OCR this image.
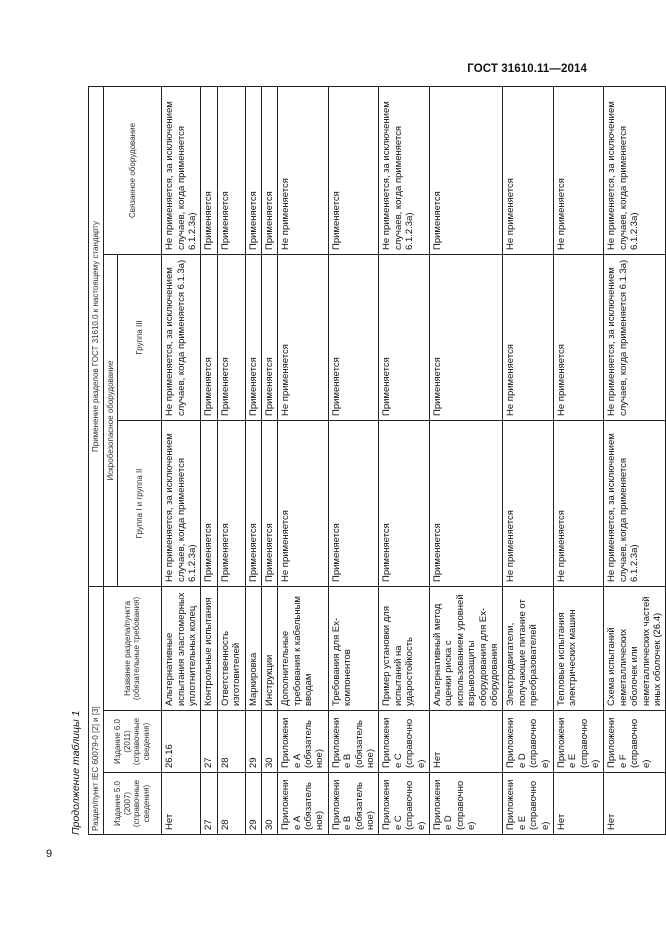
ГОСТ 31610.11—2014
9
Продолжение таблицы 1 Раздел/пункт IEC 60079-0 [2] и [3]			Применение разделов ГОСТ 31610.0 к настоящему стандарту		
Издание 5.0 (2007) (справочные сведения)	Издание 6.0 (2011) (справочные сведения)	Название раздела/пункта (обязательные требования)	Искробезопасное оборудование		Связанное оборудование
			Группа I и группа II	Группа III	
Нет	26.16	Альтернативные испытания эластомерных уплотнительных колец	Не применяется, за исключением случаев, когда применяется 6.1.2.3а)	Не применяется, за исключением случаев, когда применяется 6.1.3а)	Не применяется, за исключением случаев, когда применяется 6.1.2.3а)
27	27	Контрольные испытания	Применяется	Применяется	Применяется
28	28	Ответственность изготовителей	Применяется	Применяется	Применяется
29	29	Маркировка	Применяется	Применяется	Применяется
30	30	Инструкции	Применяется	Применяется	Применяется
Приложение А (обязательное)	Приложение А (обязательное)	Дополнительные требования к кабельным вводам	Не применяется	Не применяется	Не применяется
Приложение В (обязательное)	Приложение В (обязательное)	Требования для Ex-компонентов	Применяется	Применяется	Применяется
Приложение С (справочное)	Приложение С (справочное)	Пример установки для испытаний на ударостойкость	Применяется	Применяется	Не применяется, за исключением случаев, когда применяется 6.1.2.3а)
Приложение D (справочное)	Нет	Альтернативный метод оценки риска с использованием уровней взрывозащиты оборудования для Ex-оборудования	Применяется	Применяется	Применяется
Приложение Е (справочное)	Приложение D (справочное)	Электродвигатели, получающие питание от преобразователей	Не применяется	Не применяется	Не применяется
Нет	Приложение Е (справочное)	Тепловые испытания электрических машин	Не применяется	Не применяется	Не применяется
Нет	Приложение F (справочное)	Схема испытаний неметаллических оболочек или неметаллических частей иных оболочек (26.4)	Не применяется, за исключением случаев, когда применяется 6.1.2.3а)	Не применяется, за исключением случаев, когда применяется 6.1.3а)	Не применяется, за исключением случаев, когда применяется 6.1.2.3а)
